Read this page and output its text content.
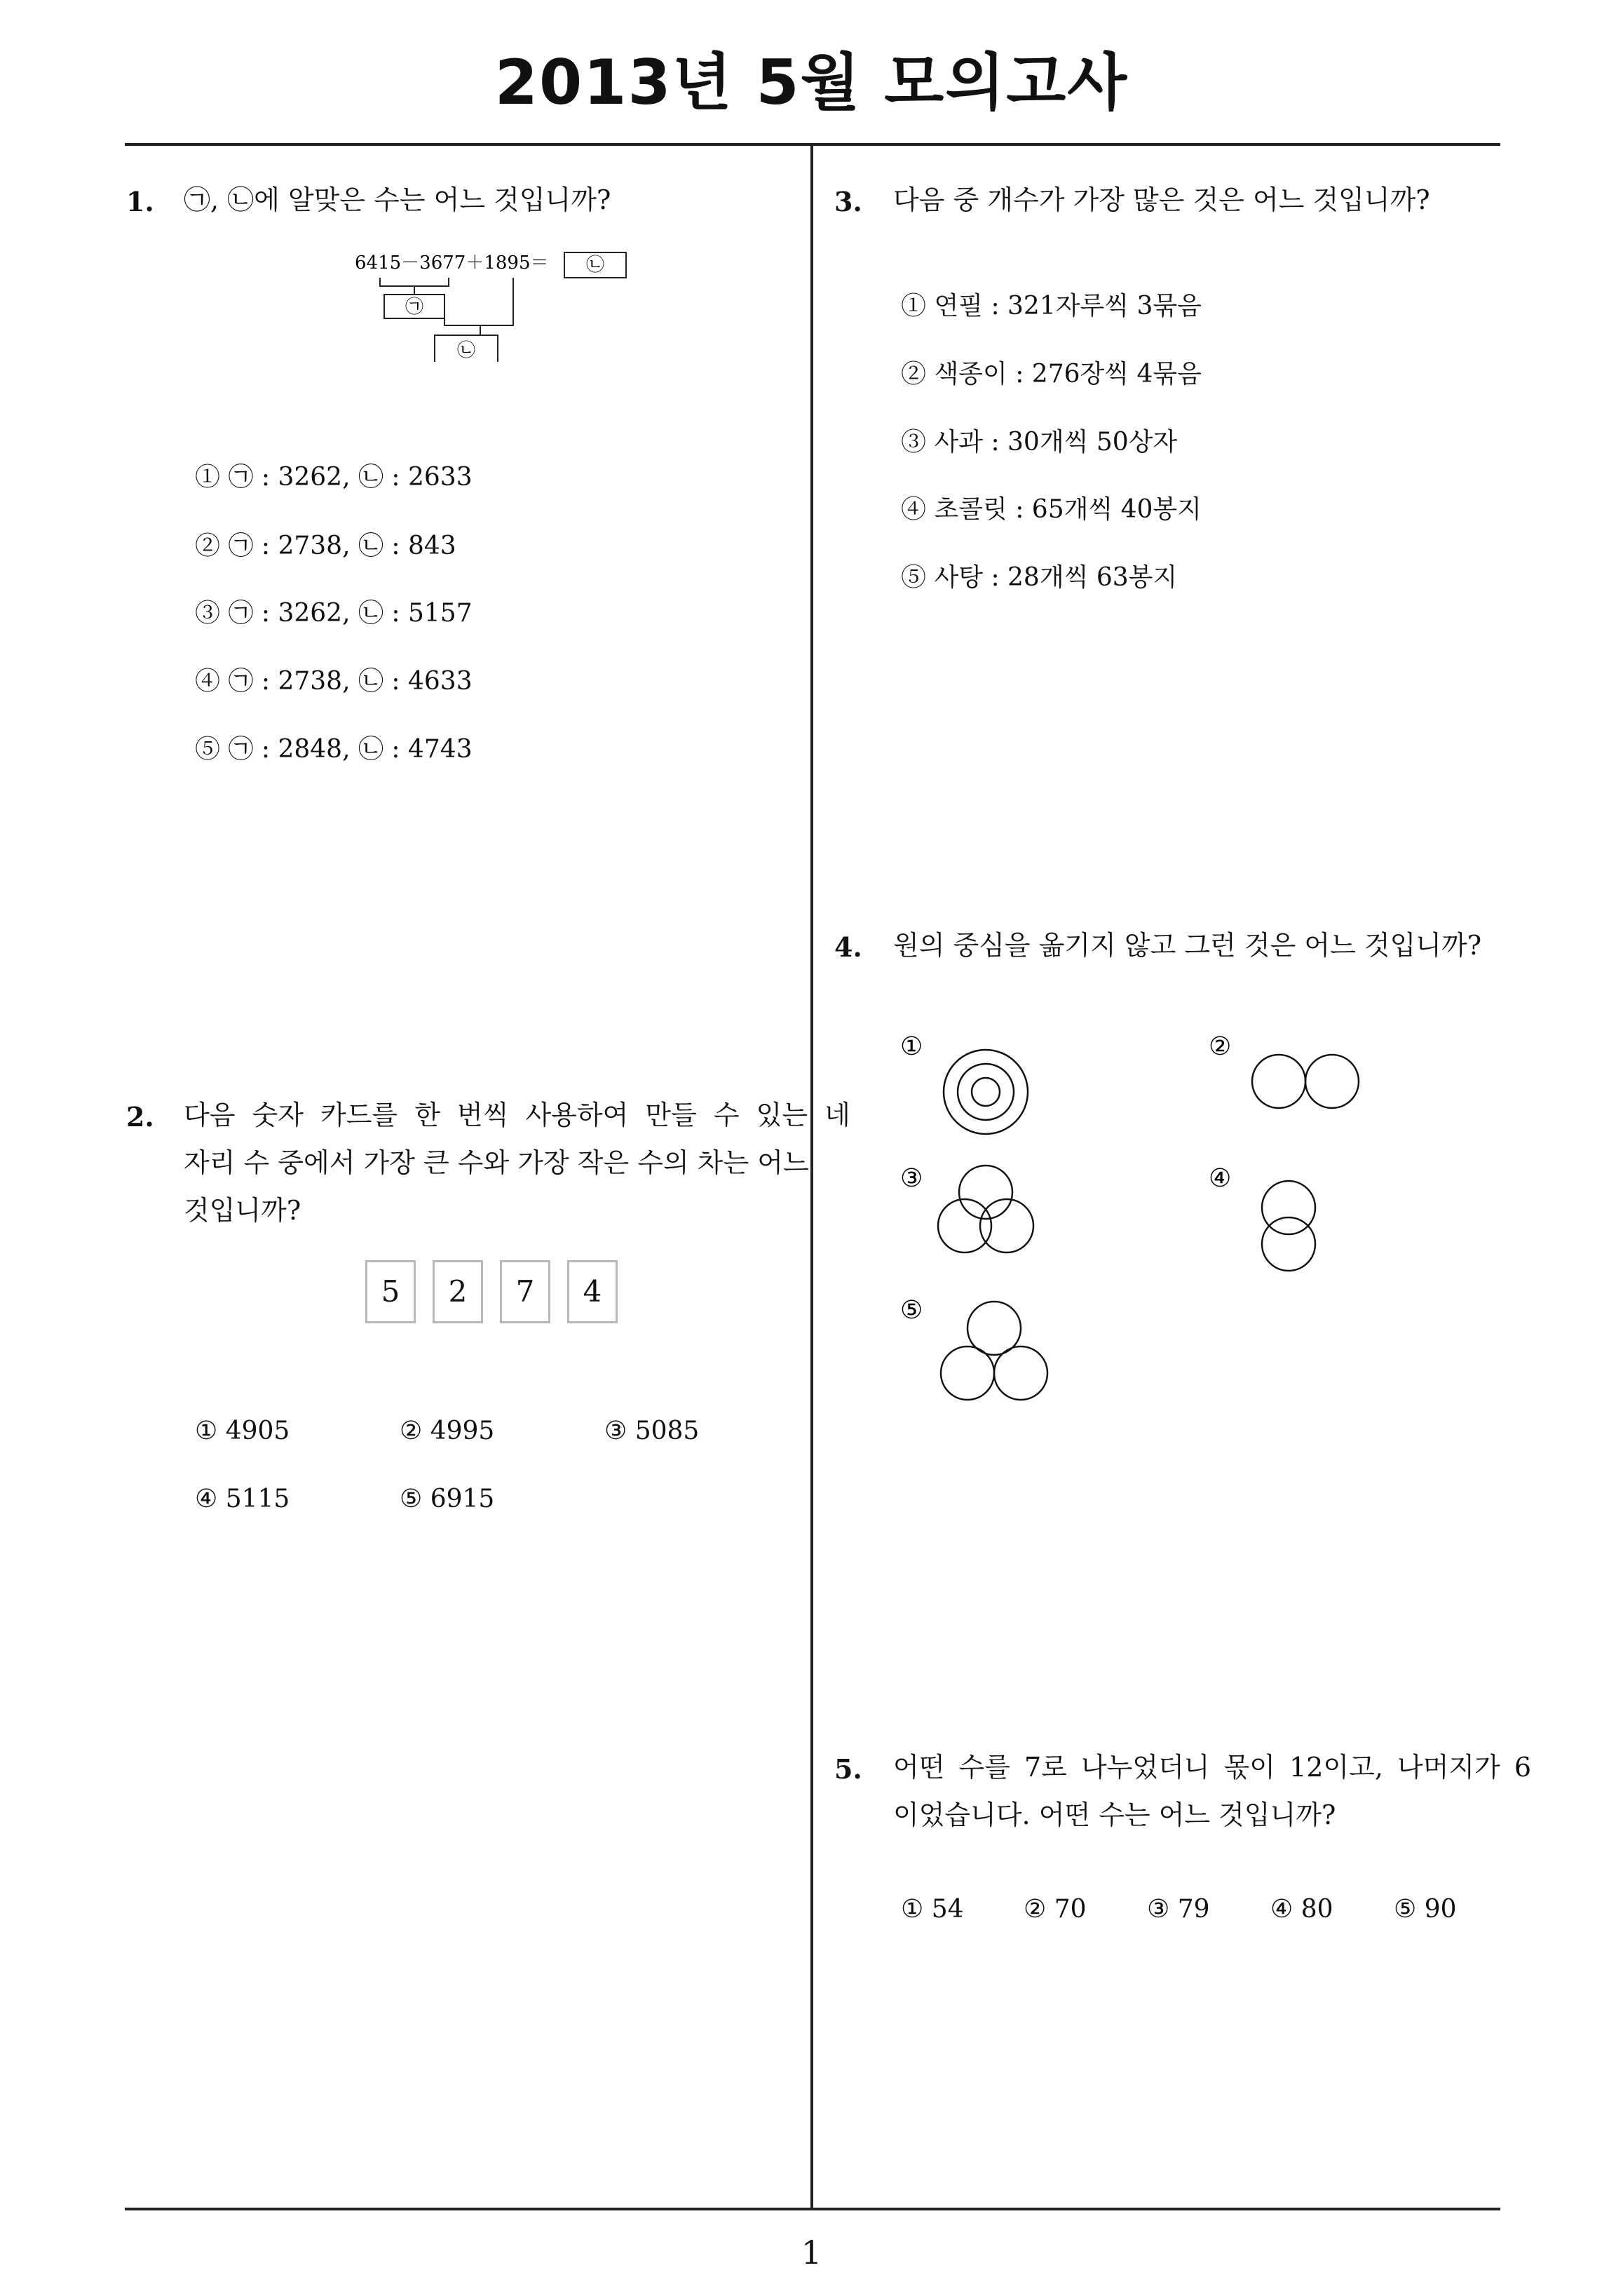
2013년 5월 모의고사
1. ㉠, ㉡에 알맞은 수는 어느 것입니까?
6415－3677＋1895＝ ㉡
㉠
㉡
① ㉠ : 3262, ㉡ : 2633
② ㉠ : 2738, ㉡ : 843
③ ㉠ : 3262, ㉡ : 5157
④ ㉠ : 2738, ㉡ : 4633
⑤ ㉠ : 2848, ㉡ : 4743
2. 다음 숫자 카드를 한 번씩 사용하여 만들 수 있는 네
자리 수 중에서 가장 큰 수와 가장 작은 수의 차는 어느
것입니까?
5	2	7	4
① 4905	② 4995	③ 5085
④ 5115	⑤ 6915
3. 다음 중 개수가 가장 많은 것은 어느 것입니까?
① 연필 : 321자루씩 3묶음
② 색종이 : 276장씩 4묶음
③ 사과 : 30개씩 50상자
④ 초콜릿 : 65개씩 40봉지
⑤ 사탕 : 28개씩 63봉지
4. 원의 중심을 옮기지 않고 그런 것은 어느 것입니까?
①	②
③	④
⑤
5. 어떤 수를 7로 나누었더니 몫이 12이고, 나머지가 6
이었습니다. 어떤 수는 어느 것입니까?
① 54 ② 70 ③ 79 ④ 80 ⑤ 90
1
